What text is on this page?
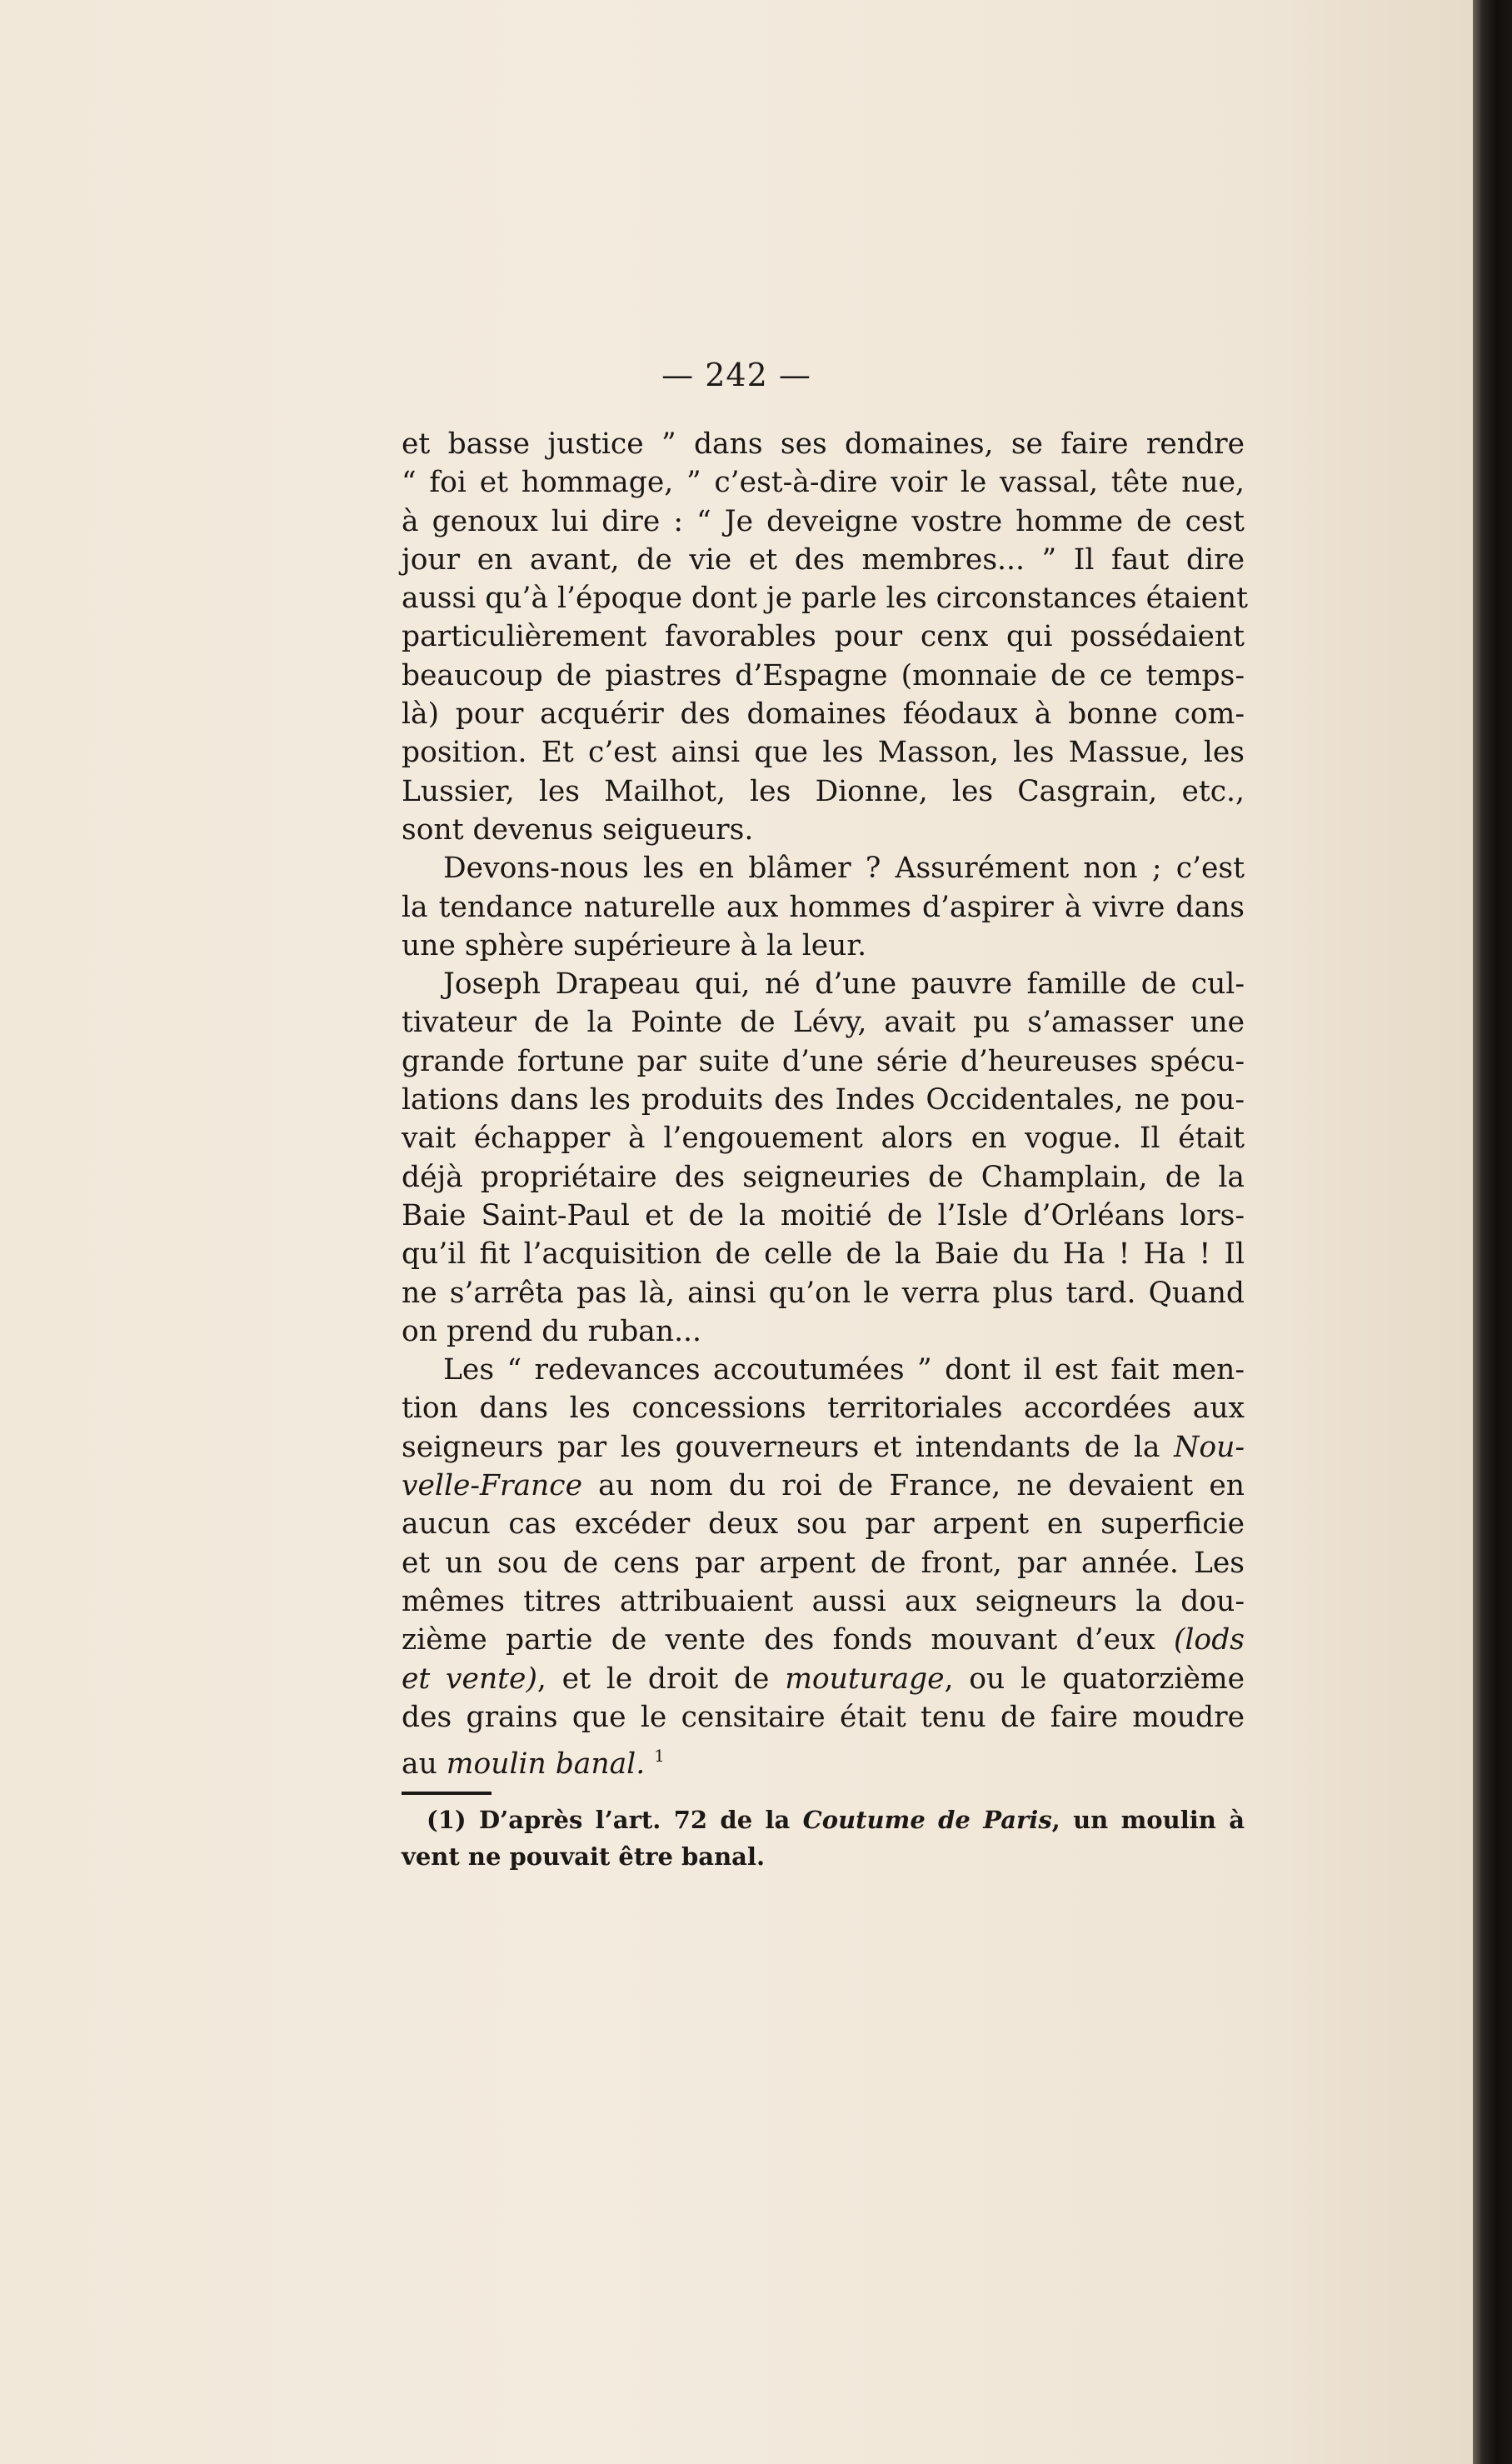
— 242 —
et basse justice ” dans ses domaines, se faire rendre
“ foi et hommage, ” c’est-à-dire voir le vassal, tête nue,
à genoux lui dire : “ Je deveigne vostre homme de cest
jour en avant, de vie et des membres... ” Il faut dire
aussi qu’à l’époque dont je parle les circonstances étaient
particulièrement favorables pour cenx qui possédaient
beaucoup de piastres d’Espagne (monnaie de ce temps-
là) pour acquérir des domaines féodaux à bonne com-
position. Et c’est ainsi que les Masson, les Massue, les
Lussier, les Mailhot, les Dionne, les Casgrain, etc.,
sont devenus seigueurs.
Devons-nous les en blâmer ? Assurément non ; c’est
la tendance naturelle aux hommes d’aspirer à vivre dans
une sphère supérieure à la leur.
Joseph Drapeau qui, né d’une pauvre famille de cul-
tivateur de la Pointe de Lévy, avait pu s’amasser une
grande fortune par suite d’une série d’heureuses spécu-
lations dans les produits des Indes Occidentales, ne pou-
vait échapper à l’engouement alors en vogue. Il était
déjà propriétaire des seigneuries de Champlain, de la
Baie Saint-Paul et de la moitié de l’Isle d’Orléans lors-
qu’il fit l’acquisition de celle de la Baie du Ha ! Ha ! Il
ne s’arrêta pas là, ainsi qu’on le verra plus tard. Quand
on prend du ruban...
Les “ redevances accoutumées ” dont il est fait men-
tion dans les concessions territoriales accordées aux
seigneurs par les gouverneurs et intendants de la Nou-
velle-France au nom du roi de France, ne devaient en
aucun cas excéder deux sou par arpent en superficie
et un sou de cens par arpent de front, par année. Les
mêmes titres attribuaient aussi aux seigneurs la dou-
zième partie de vente des fonds mouvant d’eux (lods
et vente), et le droit de mouturage, ou le quatorzième
des grains que le censitaire était tenu de faire moudre
au moulin banal. $^1$
(1) D’après l’art. 72 de la Coutume de Paris, un moulin à
vent ne pouvait être banal.
